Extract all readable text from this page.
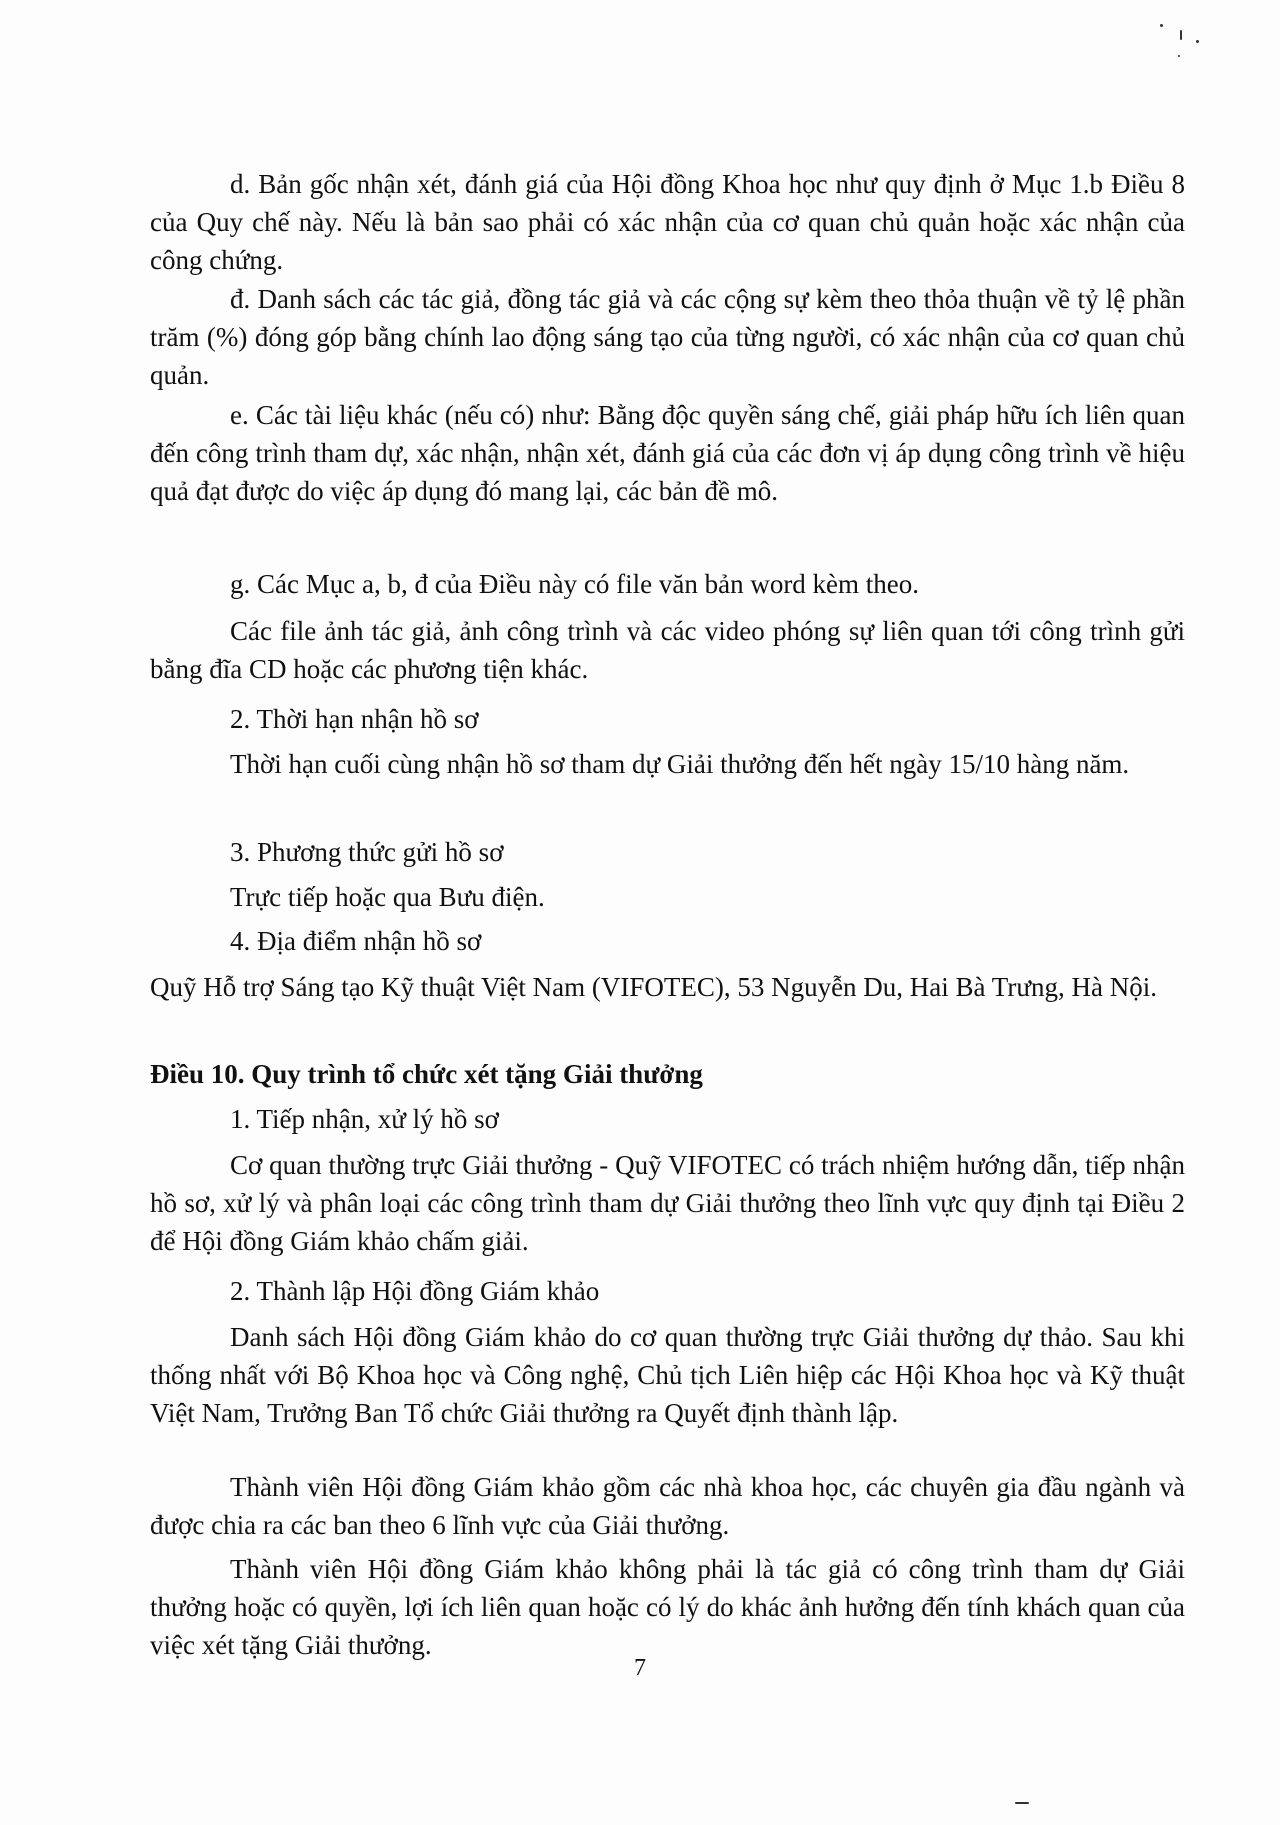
d. Bản gốc nhận xét, đánh giá của Hội đồng Khoa học như quy định ở Mục 1.b Điều 8 của Quy chế này. Nếu là bản sao phải có xác nhận của cơ quan chủ quản hoặc xác nhận của công chứng.

đ. Danh sách các tác giả, đồng tác giả và các cộng sự kèm theo thỏa thuận về tỷ lệ phần trăm (%) đóng góp bằng chính lao động sáng tạo của từng người, có xác nhận của cơ quan chủ quản.

e. Các tài liệu khác (nếu có) như: Bằng độc quyền sáng chế, giải pháp hữu ích liên quan đến công trình tham dự, xác nhận, nhận xét, đánh giá của các đơn vị áp dụng công trình về hiệu quả đạt được do việc áp dụng đó mang lại, các bản đề mô.

g. Các Mục a, b, đ của Điều này có file văn bản word kèm theo.

Các file ảnh tác giả, ảnh công trình và các video phóng sự liên quan tới công trình gửi bằng đĩa CD hoặc các phương tiện khác.

2. Thời hạn nhận hồ sơ

Thời hạn cuối cùng nhận hồ sơ tham dự Giải thưởng đến hết ngày 15/10 hàng năm.

3. Phương thức gửi hồ sơ

Trực tiếp hoặc qua Bưu điện.

4. Địa điểm nhận hồ sơ

Quỹ Hỗ trợ Sáng tạo Kỹ thuật Việt Nam (VIFOTEC), 53 Nguyễn Du, Hai Bà Trưng, Hà Nội.

Điều 10. Quy trình tổ chức xét tặng Giải thưởng

1. Tiếp nhận, xử lý hồ sơ

Cơ quan thường trực Giải thưởng - Quỹ VIFOTEC có trách nhiệm hướng dẫn, tiếp nhận hồ sơ, xử lý và phân loại các công trình tham dự Giải thưởng theo lĩnh vực quy định tại Điều 2 để Hội đồng Giám khảo chấm giải.

2. Thành lập Hội đồng Giám khảo

Danh sách Hội đồng Giám khảo do cơ quan thường trực Giải thưởng dự thảo. Sau khi thống nhất với Bộ Khoa học và Công nghệ, Chủ tịch Liên hiệp các Hội Khoa học và Kỹ thuật Việt Nam, Trưởng Ban Tổ chức Giải thưởng ra Quyết định thành lập.

Thành viên Hội đồng Giám khảo gồm các nhà khoa học, các chuyên gia đầu ngành và được chia ra các ban theo 6 lĩnh vực của Giải thưởng.

Thành viên Hội đồng Giám khảo không phải là tác giả có công trình tham dự Giải thưởng hoặc có quyền, lợi ích liên quan hoặc có lý do khác ảnh hưởng đến tính khách quan của việc xét tặng Giải thưởng.

7
